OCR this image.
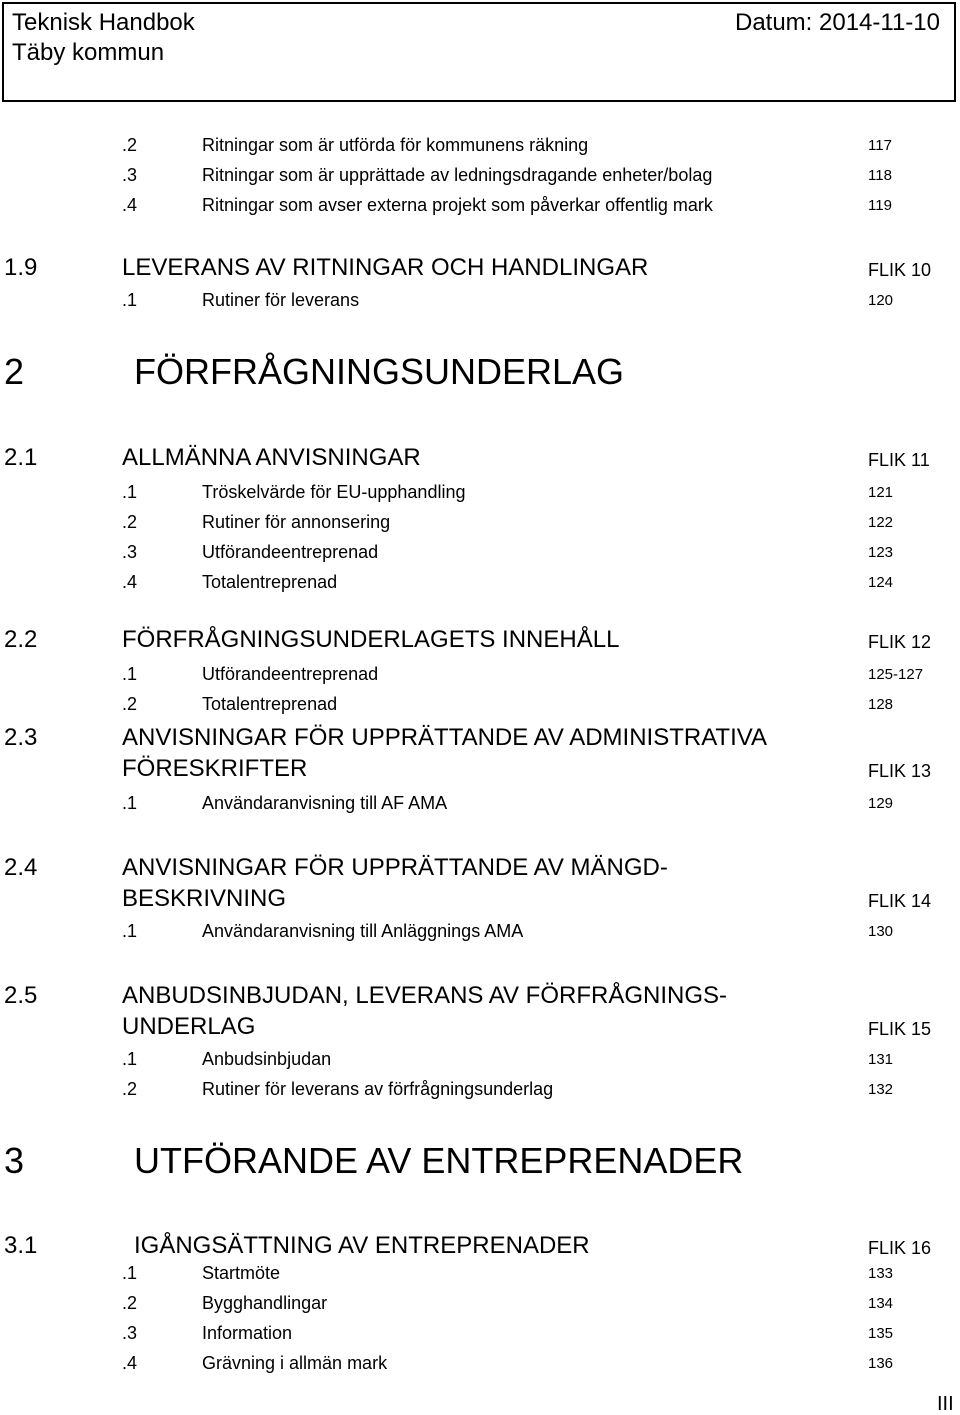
Teknisk Handbok
Täby kommun
Datum: 2014-11-10
.2	Ritningar som är utförda för kommunens räkning	117
.3	Ritningar som är upprättade av ledningsdragande enheter/bolag	118
.4	Ritningar som avser externa projekt som påverkar offentlig mark	119
1.9	LEVERANS AV RITNINGAR OCH HANDLINGAR	FLIK 10
.1	Rutiner för leverans	120
2	FÖRFRÅGNINGSUNDERLAG
2.1	ALLMÄNNA ANVISNINGAR	FLIK 11
.1	Tröskelvärde för EU-upphandling	121
.2	Rutiner för annonsering	122
.3	Utförandeentreprenad	123
.4	Totalentreprenad	124
2.2	FÖRFRÅGNINGSUNDERLAGETS INNEHÅLL	FLIK 12
.1	Utförandeentreprenad	125-127
.2	Totalentreprenad	128
2.3	ANVISNINGAR FÖR UPPRÄTTANDE AV ADMINISTRATIVA
FÖRESKRIFTER	FLIK 13
.1	Användaranvisning till AF AMA	129
2.4	ANVISNINGAR FÖR UPPRÄTTANDE AV MÄNGD-
BESKRIVNING	FLIK 14
.1	Användaranvisning till Anläggnings AMA	130
2.5	ANBUDSINBJUDAN, LEVERANS AV FÖRFRÅGNINGS-
UNDERLAG	FLIK 15
.1	Anbudsinbjudan	131
.2	Rutiner för leverans av förfrågningsunderlag	132
3	UTFÖRANDE AV ENTREPRENADER
3.1	IGÅNGSÄTTNING AV ENTREPRENADER	FLIK 16
.1	Startmöte	133
.2	Bygghandlingar	134
.3	Information	135
.4	Grävning i allmän mark	136
III
